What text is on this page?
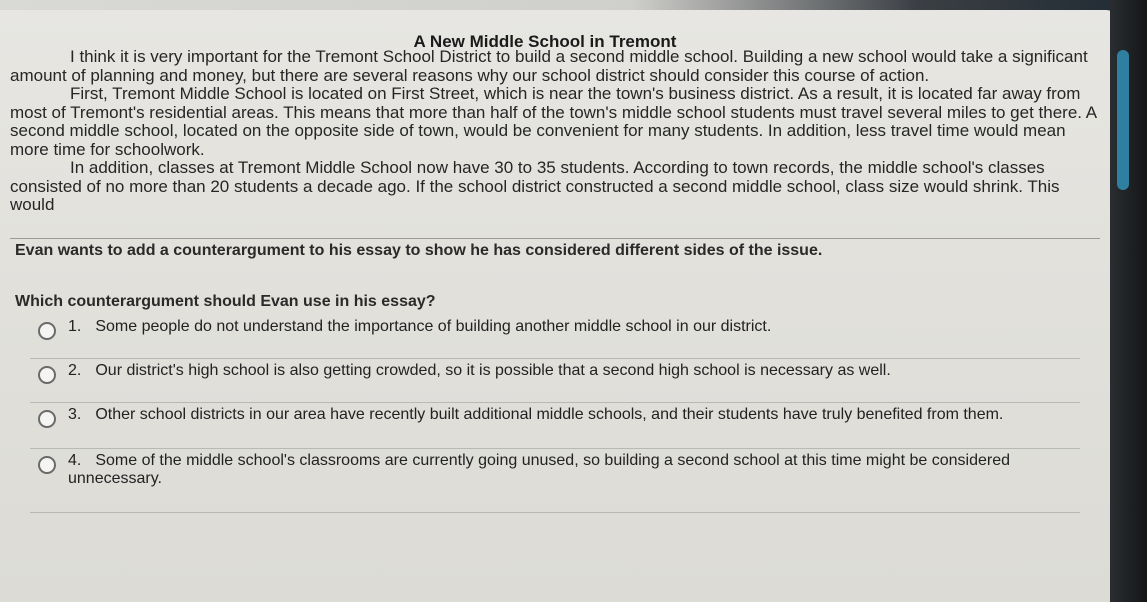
A New Middle School in Tremont

I think it is very important for the Tremont School District to build a second middle school. Building a new school would take a significant amount of planning and money, but there are several reasons why our school district should consider this course of action.

First, Tremont Middle School is located on First Street, which is near the town's business district. As a result, it is located far away from most of Tremont's residential areas. This means that more than half of the town's middle school students must travel several miles to get there. A second middle school, located on the opposite side of town, would be convenient for many students. In addition, less travel time would mean more time for schoolwork.

In addition, classes at Tremont Middle School now have 30 to 35 students. According to town records, the middle school's classes consisted of no more than 20 students a decade ago. If the school district constructed a second middle school, class size would shrink. This would

Evan wants to add a counterargument to his essay to show he has considered different sides of the issue.
Which counterargument should Evan use in his essay?
1. Some people do not understand the importance of building another middle school in our district.
2. Our district's high school is also getting crowded, so it is possible that a second high school is necessary as well.
3. Other school districts in our area have recently built additional middle schools, and their students have truly benefited from them.
4. Some of the middle school's classrooms are currently going unused, so building a second school at this time might be considered unnecessary.
